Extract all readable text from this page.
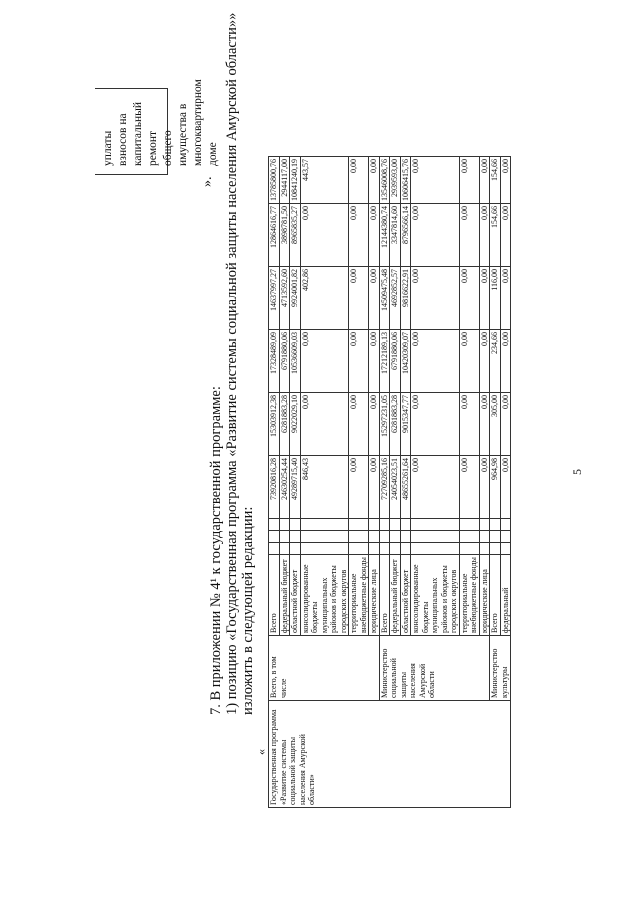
5
уплаты взносов на капитальный ремонт общего имущества в многоквартирном доме
».
7. В приложении № 4¹ к государственной программе: 1) позицию «Государственная программа «Развитие системы социальной защиты населения Амурской области»» изложить в следующей редакции:
« Государственная программа «Развитие системы социальной защиты населения Амурской области»	Всего, в том числе	Всего				73920816,28	15303912,38	17328489,09	14637997,27	12864616,77	13785800,76
		федеральный бюджет				24630254,44	6281883,28	6791880,06	4713592,60	3898781,50	2944117,00
		областной бюджет				49289715,40	9022029,10	10536609,03	9924001,82	8965835,27	10841240,19
		консолидированные бюджеты муниципальных районов и бюджеты городских округов				846,43	0,00	0,00	402,86	0,00	443,57
		территориальные внебюджетные фонды				0,00	0,00	0,00	0,00	0,00	0,00
		юридические лица				0,00	0,00	0,00	0,00	0,00	0,00
	Министерство социальной защиты населения Амурской области	Всего				72709285,16	15297231,05	17212189,13	14509475,48	12144380,74	13546008,76
		федеральный бюджет				24054023,51	6281883,28	6791880,06	4692852,57	3347814,60	2939593,00
		областной бюджет				48655261,64	9015347,77	10420309,07	9816622,91	8796566,14	10606415,76
		консолидированные бюджеты муниципальных районов и бюджеты городских округов				0,00	0,00	0,00	0,00	0,00	0,00
		территориальные внебюджетные фонды				0,00	0,00	0,00	0,00	0,00	0,00
		юридические лица				0,00	0,00	0,00	0,00	0,00	0,00
	Министерство культуры	Всего				964,98	305,00	234,66	116,00	154,66	154,66
		федеральный				0,00	0,00	0,00	0,00	0,00	0,00
